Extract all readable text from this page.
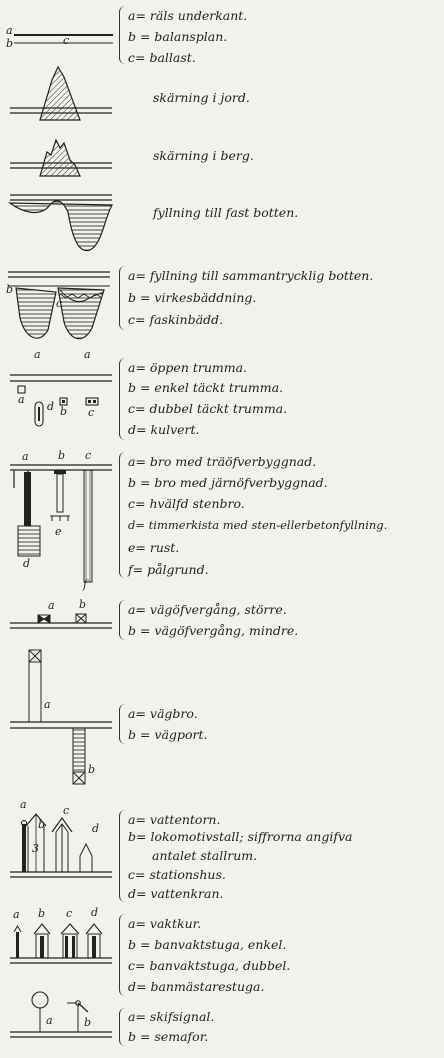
a
b	c
b
c
a	a
a
d b c
a	b c
e
d
f
a b
a
b
a
b
3
c
d
a b c d
a	b
a= räls underkant.
b = balansplan.
c= ballast.
skärning i jord.
skärning i berg.
fyllning till fast botten.
a= fyllning till sammantrycklig botten.
b = virkesbäddning.
c= faskinbädd.
a= öppen trumma.
b = enkel täckt trumma.
c= dubbel täckt trumma.
d= kulvert.
a= bro med träöfverbyggnad.
b = bro med järnöfverbyggnad.
c= hvälfd stenbro.
d= timmerkista med sten-ellerbetonfyllning.
e= rust.
f= pålgrund.
a= vägöfvergång, större.
b = vägöfvergång, mindre.
a= vägbro.
b = vägport.
a= vattentorn.
b= lokomotivstall; siffrorna angifva
antalet stallrum.
c= stationshus.
d= vattenkran.
a= vaktkur.
b = banvaktstuga, enkel.
c= banvaktstuga, dubbel.
d= banmästarestuga.
a= skifsignal.
b = semafor.
